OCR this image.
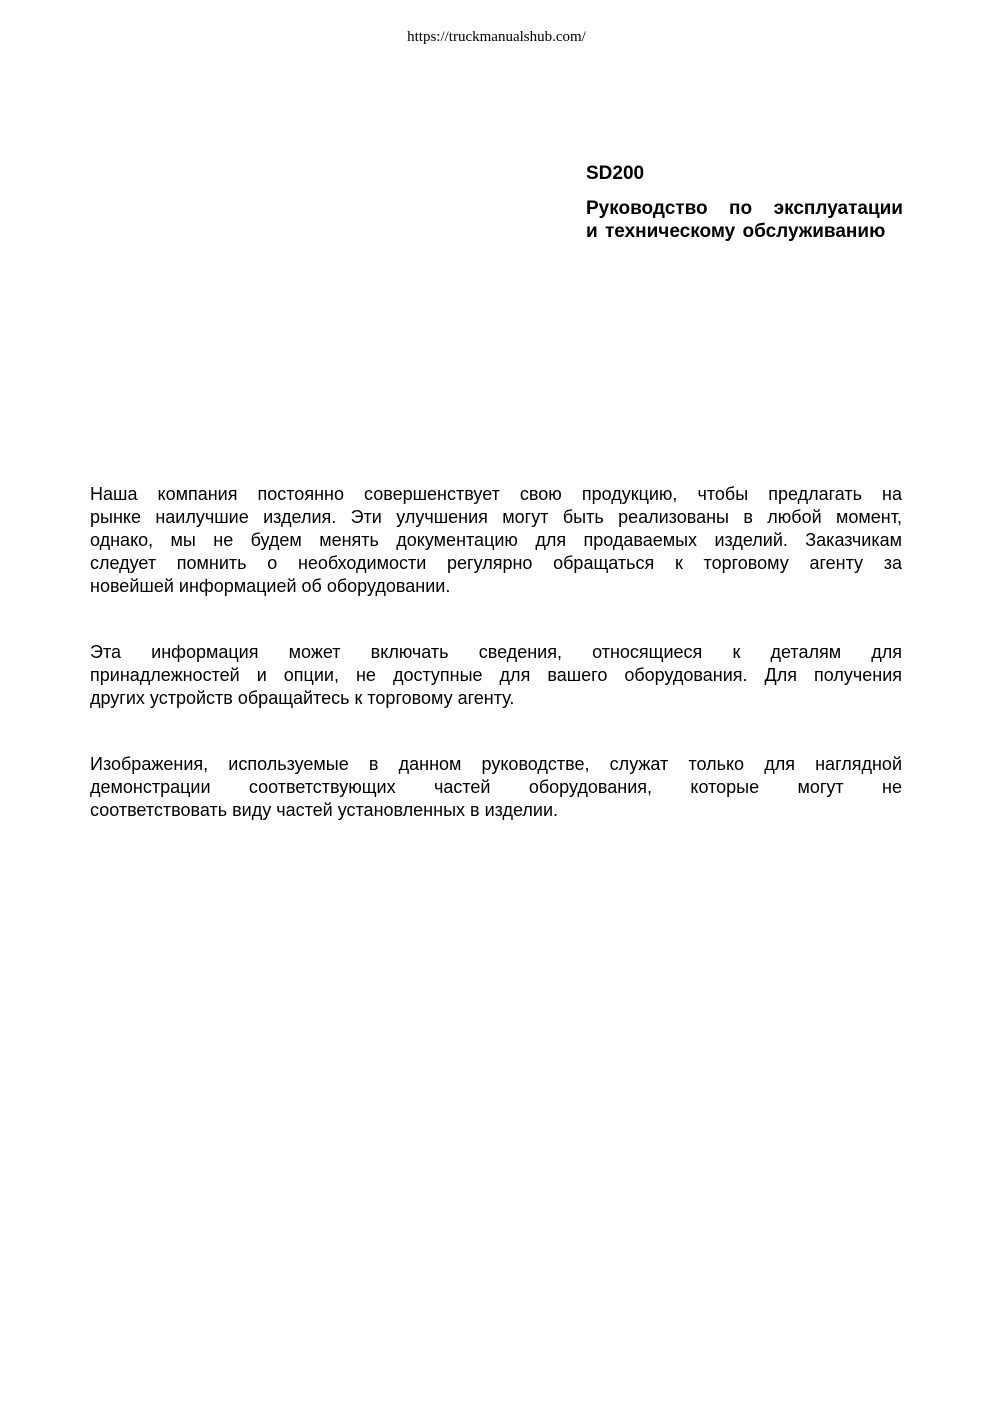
https://truckmanualshub.com/
SD200
Руководство по эксплуатации
и техническому обслуживанию

Наша компания постоянно совершенствует свою продукцию, чтобы предлагать на
рынке наилучшие изделия. Эти улучшения могут быть реализованы в любой момент,
однако, мы не будем менять документацию для продаваемых изделий. Заказчикам
следует помнить о необходимости регулярно обращаться к торговому агенту за
новейшей информацией об оборудовании.

Эта информация может включать сведения, относящиеся к деталям для
принадлежностей и опции, не доступные для вашего оборудования. Для получения
других устройств обращайтесь к торговому агенту.

Изображения, используемые в данном руководстве, служат только для наглядной
демонстрации соответствующих частей оборудования, которые могут не
соответствовать виду частей установленных в изделии.
